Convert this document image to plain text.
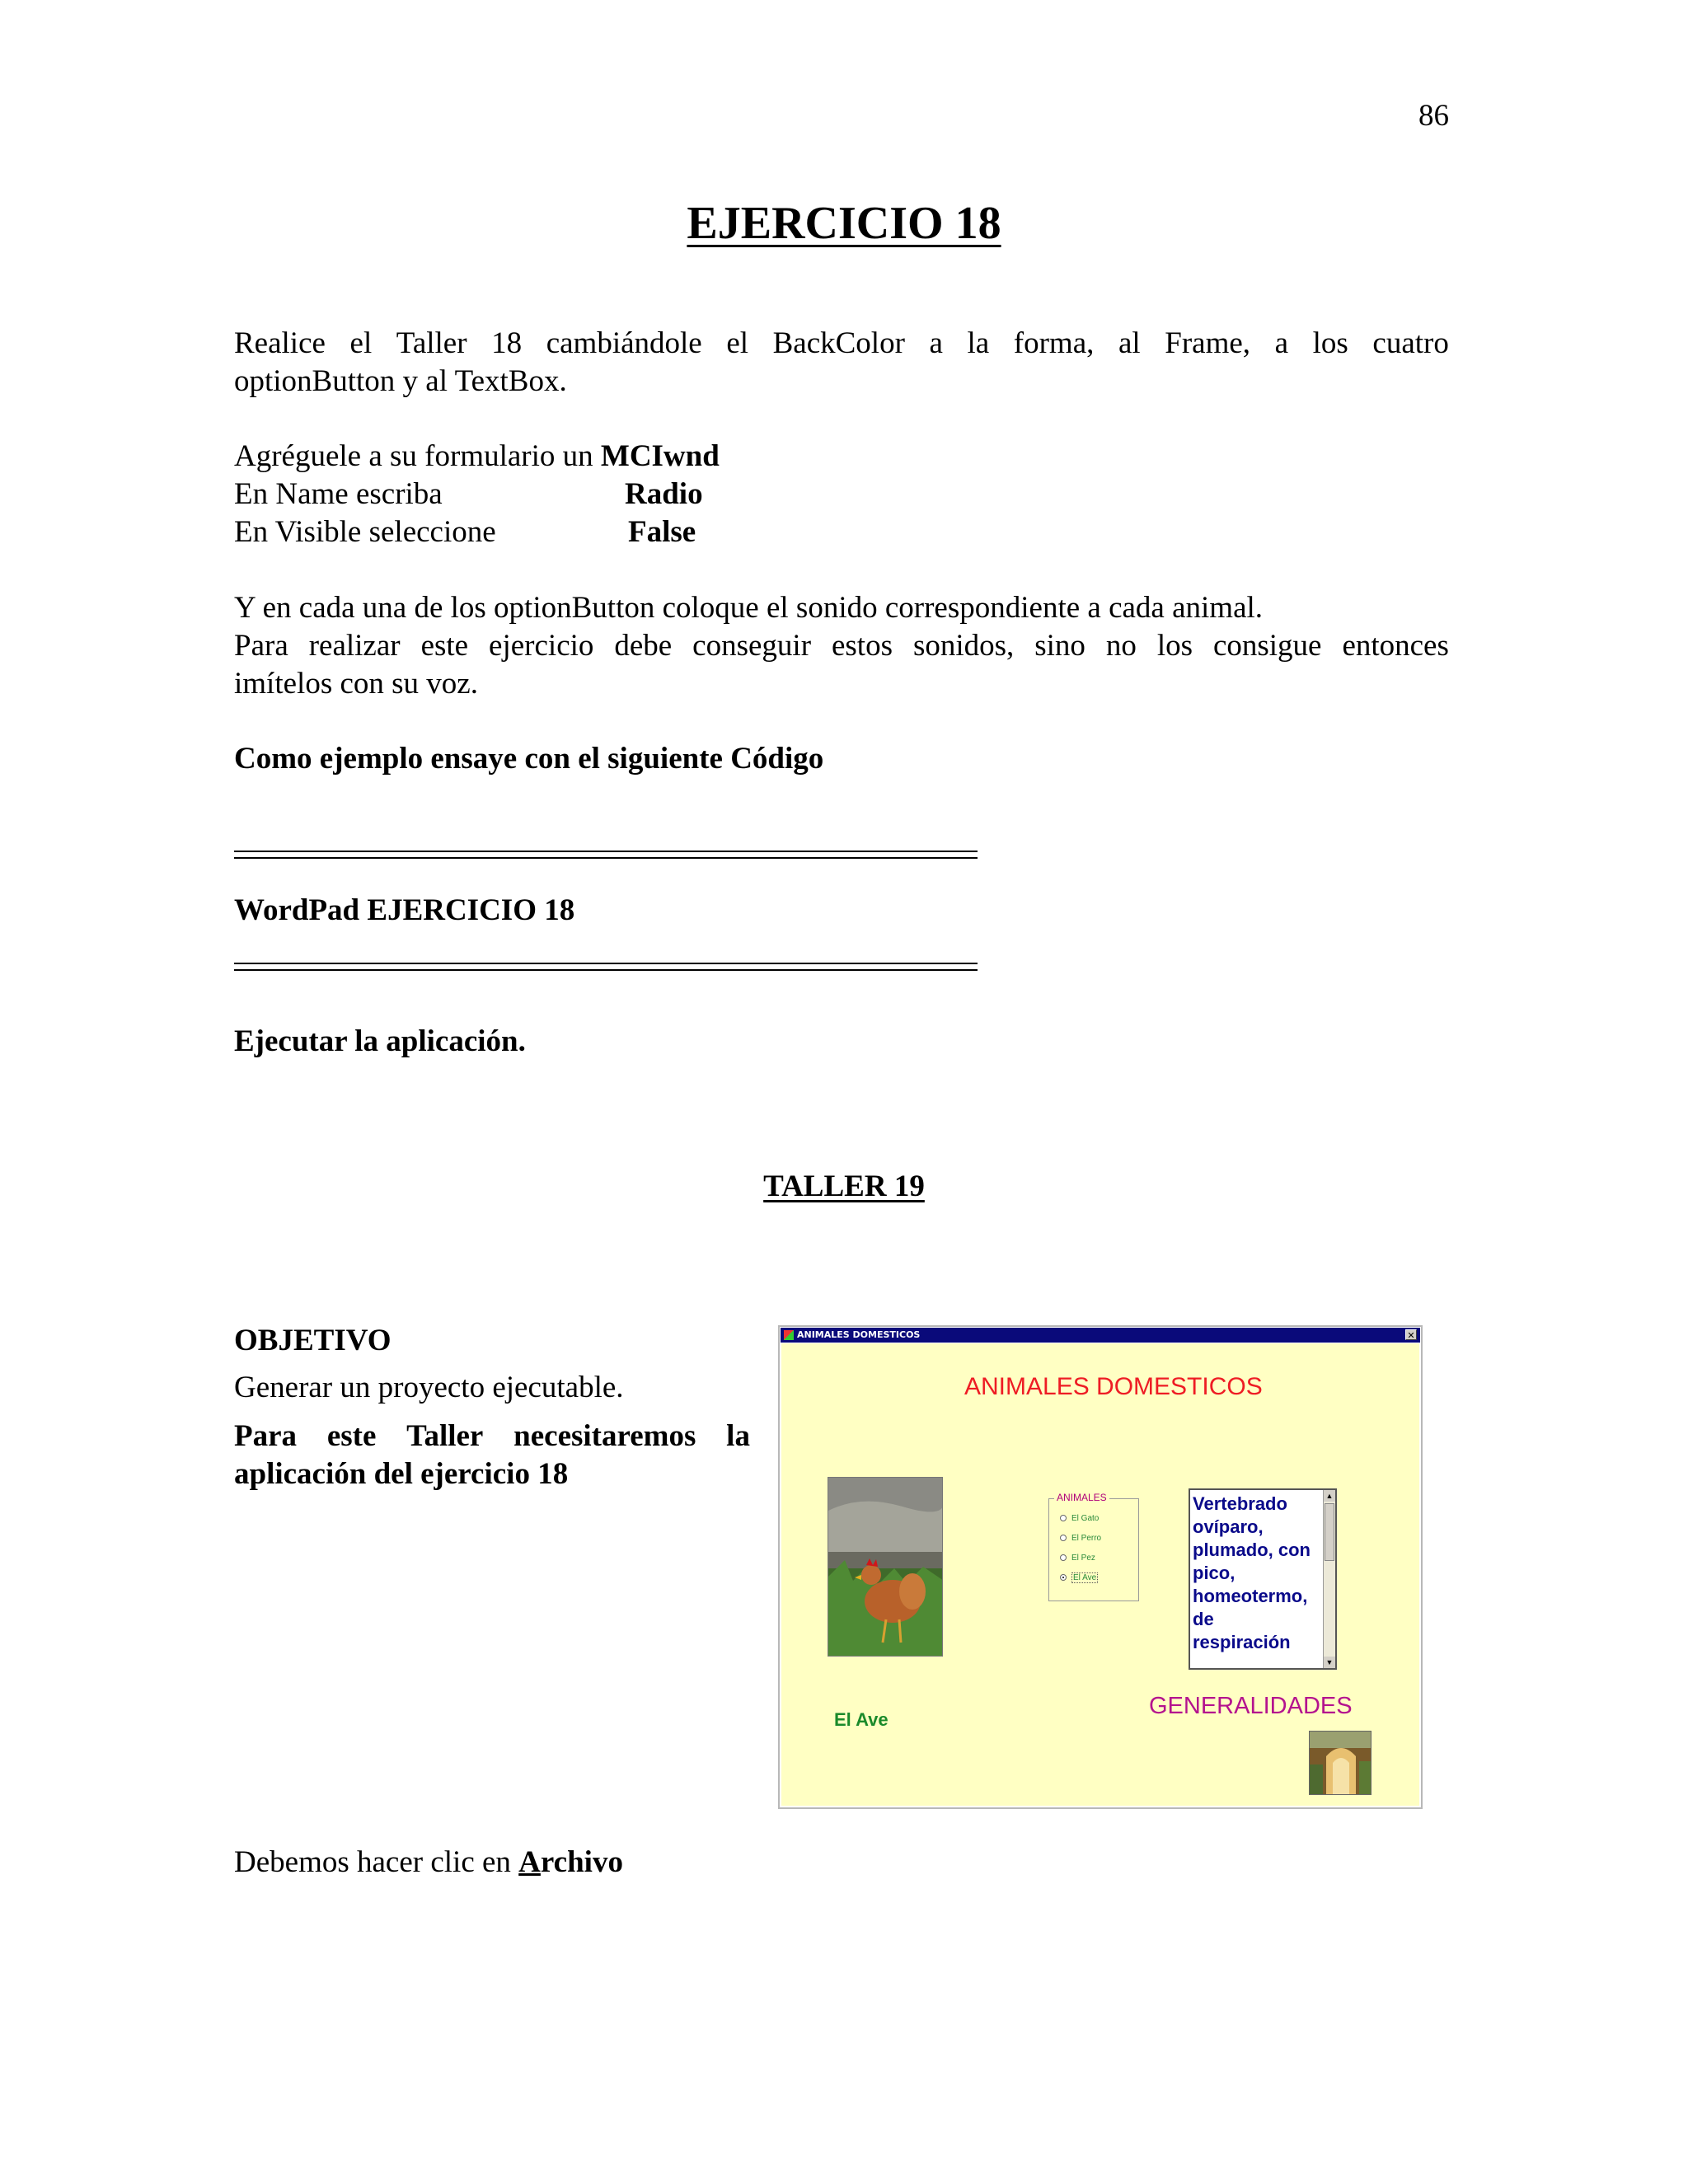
86
EJERCICIO 18
Realice el Taller 18 cambiándole el BackColor a la forma, al Frame, a los cuatro
optionButton y al TextBox.
Agréguele a su formulario un MCIwnd
En Name escriba	Radio
En Visible seleccione	False
Y en cada una de los optionButton coloque el sonido correspondiente a cada animal.
Para realizar este ejercicio debe conseguir estos sonidos, sino no los consigue entonces
imítelos con su voz.
Como ejemplo ensaye con el siguiente Código
WordPad EJERCICIO 18
Ejecutar la aplicación.
TALLER 19
OBJETIVO
Generar un proyecto ejecutable.
Para este Taller necesitaremos la
aplicación del ejercicio 18
ANIMALES DOMESTICOS	✕
ANIMALES DOMESTICOS
ANIMALES
El Gato
El Perro
El Pez
El Ave
Vertebrado ovíparo, plumado, con pico, homeotermo, de respiración
▲
▼
El Ave
GENERALIDADES
Debemos hacer clic en Archivo
